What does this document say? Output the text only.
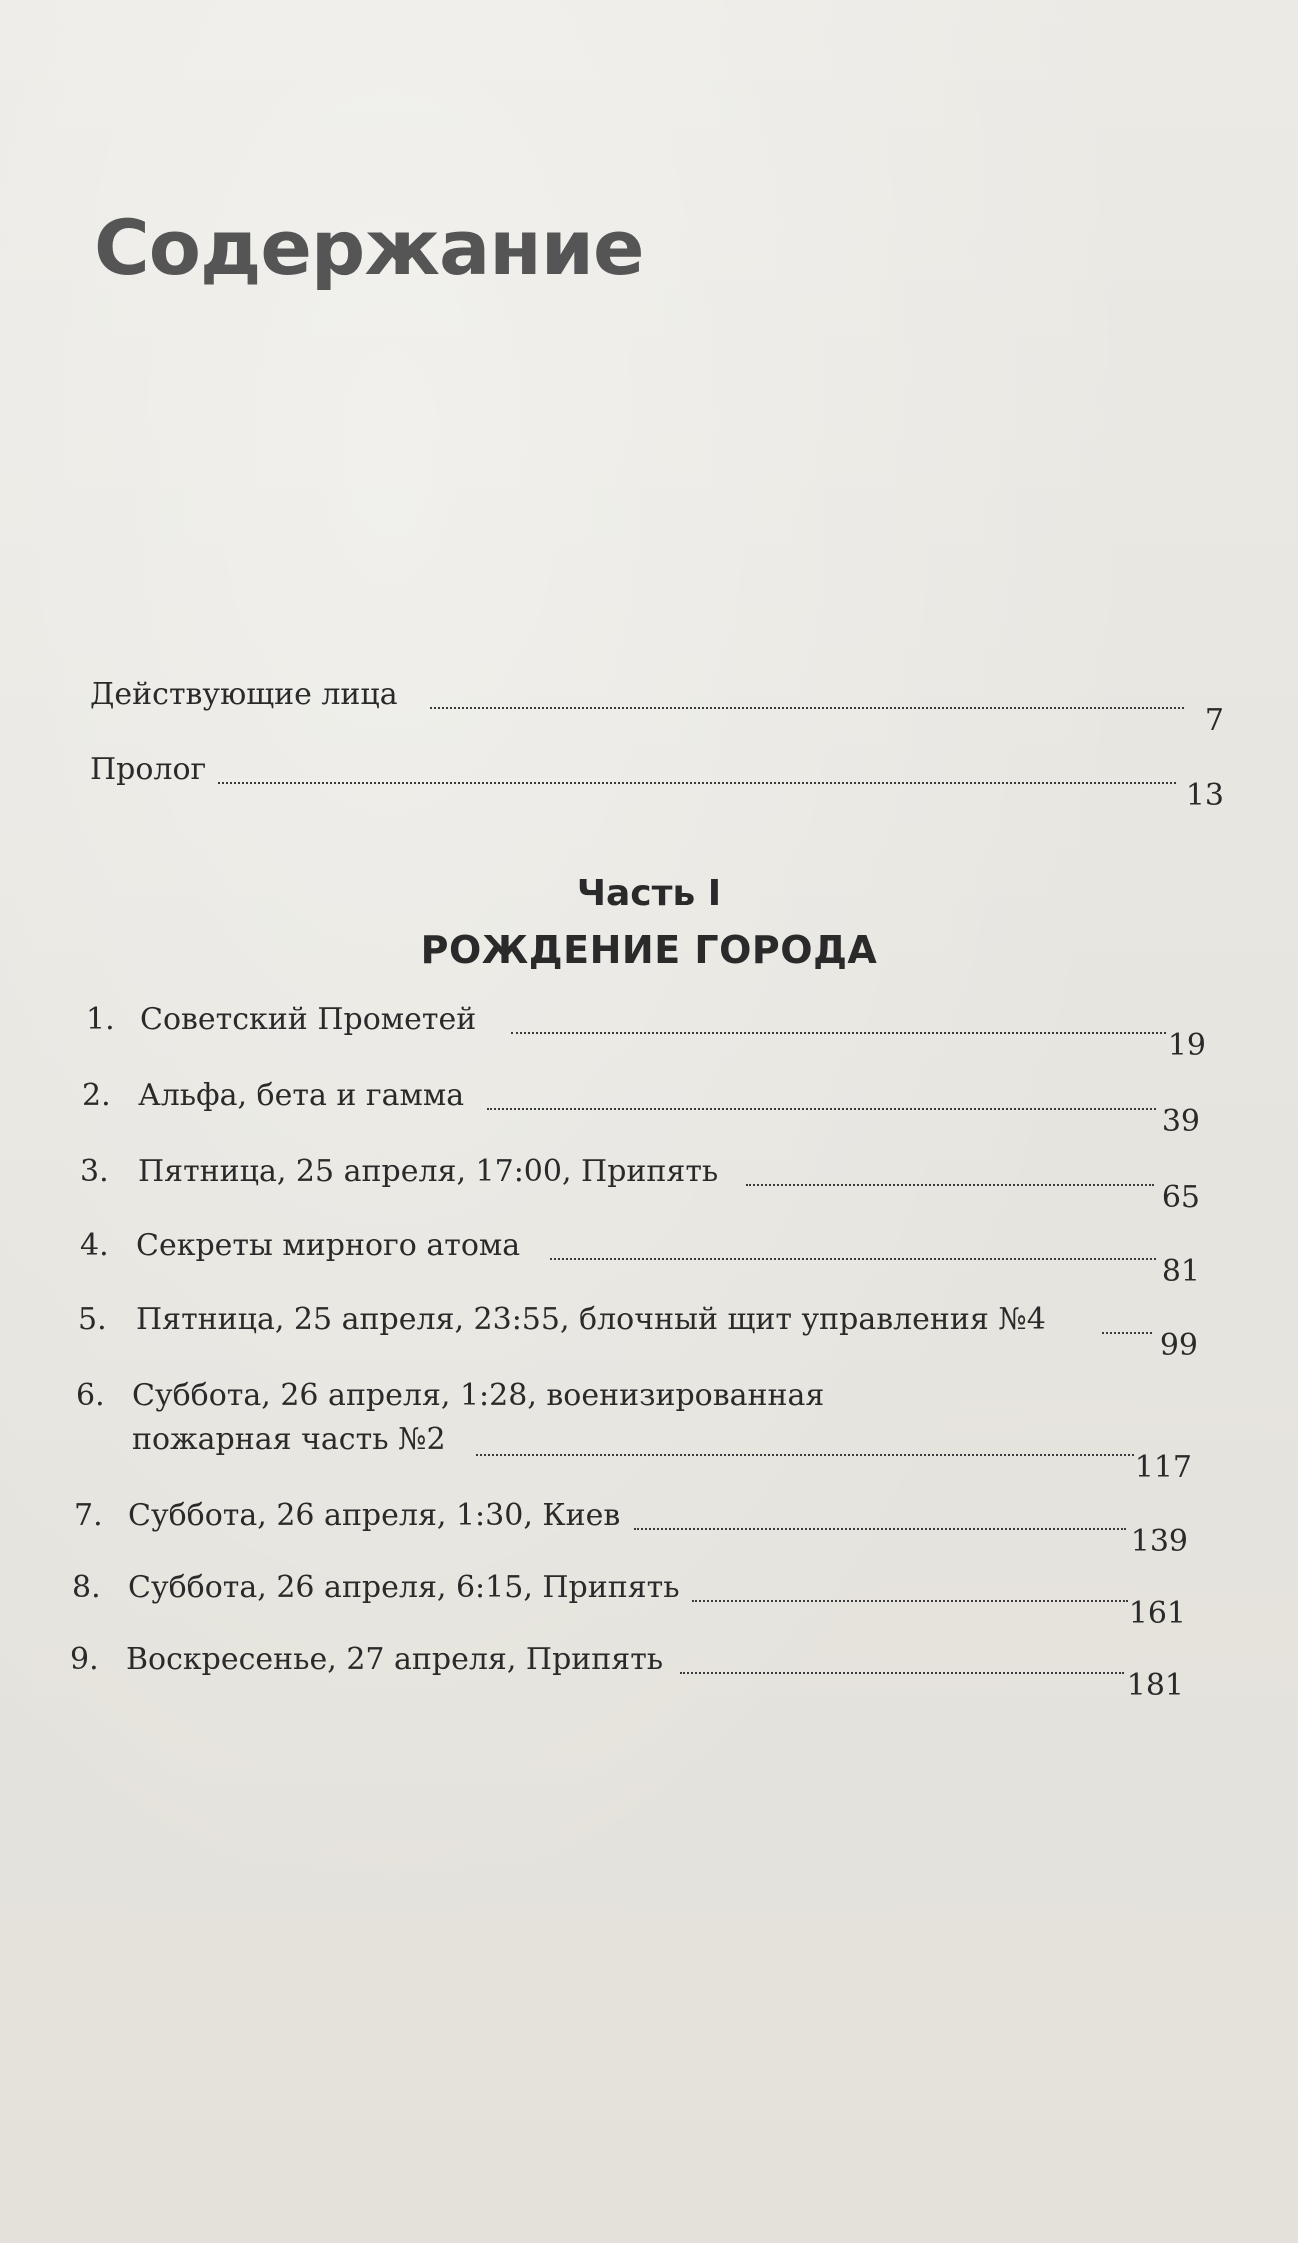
Содержание
Действующие лица
7
Пролог
13
Часть I
РОЖДЕНИЕ ГОРОДА
1. Советский Прометей
19
2. Альфа, бета и гамма
39
3. Пятница, 25 апреля, 17:00, Припять
65
4. Секреты мирного атома
81
5. Пятница, 25 апреля, 23:55, блочный щит управления №4
99
6. Суббота, 26 апреля, 1:28, военизированная
пожарная часть №2
117
7. Суббота, 26 апреля, 1:30, Киев
139
8. Суббота, 26 апреля, 6:15, Припять
161
9. Воскресенье, 27 апреля, Припять
181
